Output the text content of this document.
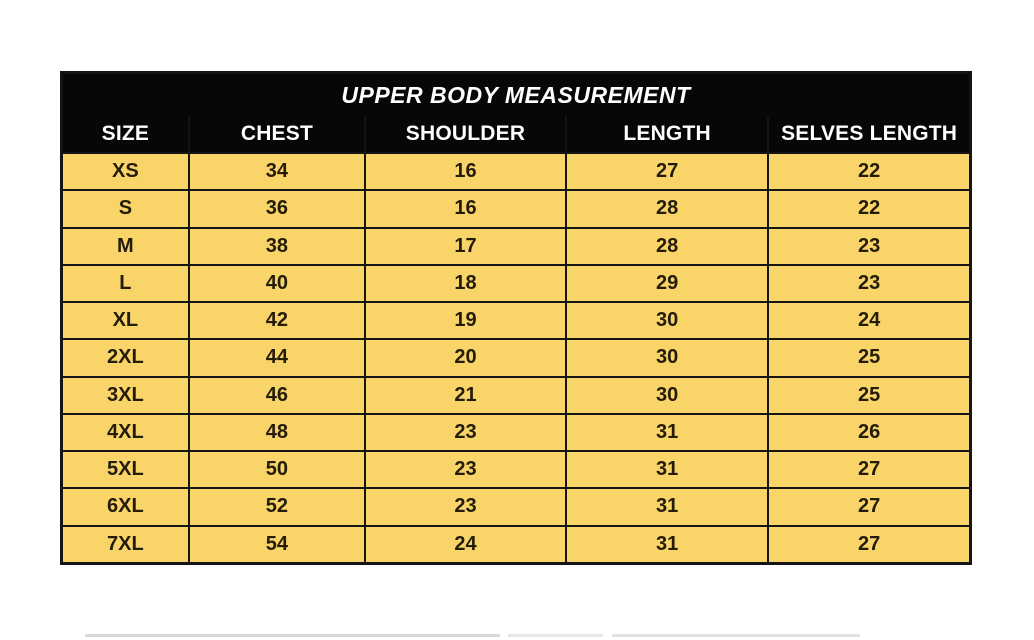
UPPER BODY MEASUREMENT				
SIZE	CHEST	SHOULDER	LENGTH	SELVES LENGTH
XS	34	16	27	22
S	36	16	28	22
M	38	17	28	23
L	40	18	29	23
XL	42	19	30	24
2XL	44	20	30	25
3XL	46	21	30	25
4XL	48	23	31	26
5XL	50	23	31	27
6XL	52	23	31	27
7XL	54	24	31	27
